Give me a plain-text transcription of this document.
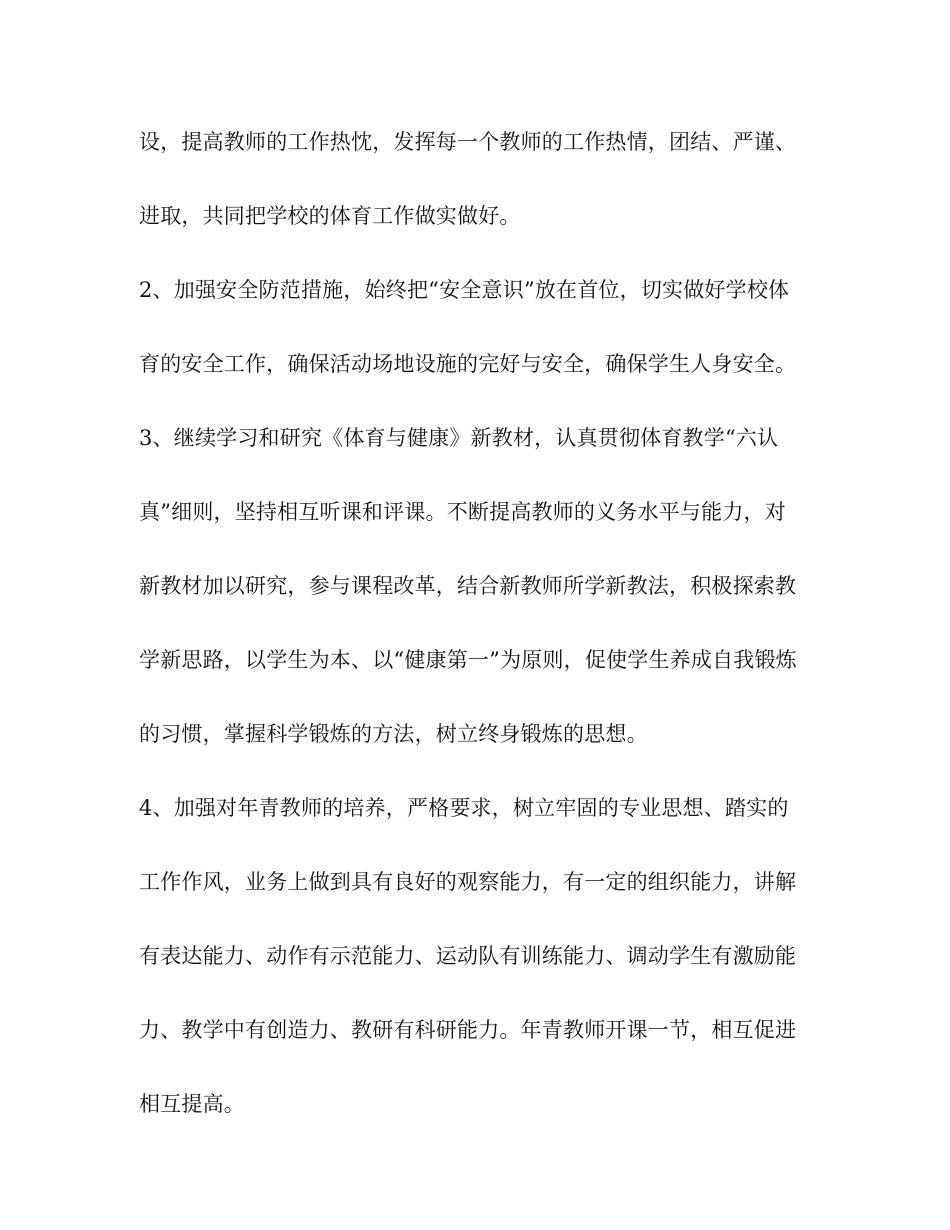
设，提高教师的工作热忱，发挥每一个教师的工作热情，团结、严谨、
进取，共同把学校的体育工作做实做好。
2、加强安全防范措施，始终把“安全意识”放在首位，切实做好学校体
育的安全工作，确保活动场地设施的完好与安全，确保学生人身安全。
3、继续学习和研究《体育与健康》新教材，认真贯彻体育教学“六认
真”细则，坚持相互听课和评课。不断提高教师的义务水平与能力，对
新教材加以研究，参与课程改革，结合新教师所学新教法，积极探索教
学新思路，以学生为本、以“健康第一”为原则，促使学生养成自我锻炼
的习惯，掌握科学锻炼的方法，树立终身锻炼的思想。
4、加强对年青教师的培养，严格要求，树立牢固的专业思想、踏实的
工作作风，业务上做到具有良好的观察能力，有一定的组织能力，讲解
有表达能力、动作有示范能力、运动队有训练能力、调动学生有激励能
力、教学中有创造力、教研有科研能力。年青教师开课一节，相互促进
相互提高。
